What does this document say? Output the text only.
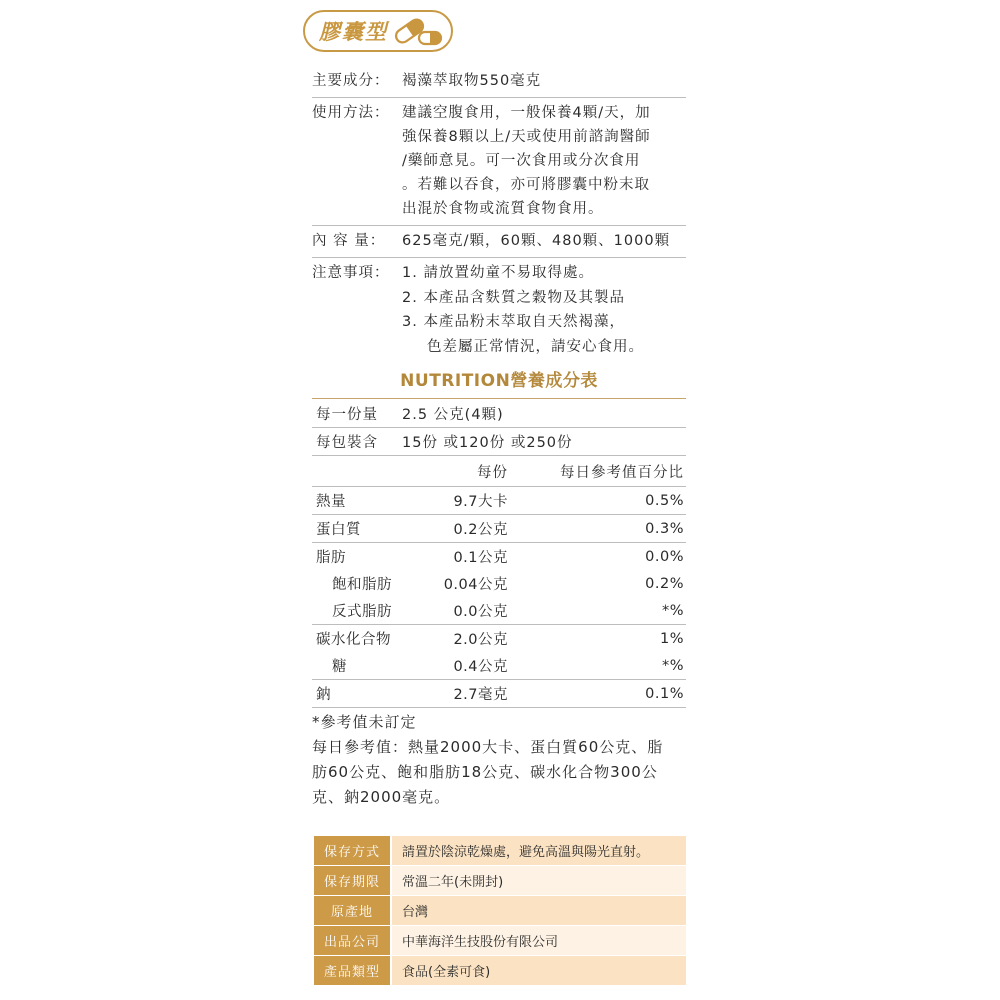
膠囊型
主要成分： 褐藻萃取物550毫克
使用方法： 建議空腹食用，一般保養4顆/天，加
強保養8顆以上/天或使用前諮詢醫師
/藥師意見。可一次食用或分次食用
。若難以吞食，亦可將膠囊中粉末取
出混於食物或流質食物食用。
內 容 量：	625毫克/顆，60顆、480顆、1000顆
注意事項： 1. 請放置幼童不易取得處。
2. 本產品含麩質之穀物及其製品
3. 本產品粉末萃取自天然褐藻，
色差屬正常情況，請安心食用。
NUTRITION營養成分表
每一份量	2.5 公克(4顆)
每包裝含	15份 或120份 或250份
每份	每日參考值百分比
熱量	9.7大卡	0.5%
蛋白質	0.2公克	0.3%
脂肪	0.1公克	0.0%
飽和脂肪	0.04公克	0.2%
反式脂肪	0.0公克	*%
碳水化合物	2.0公克	1%
糖	0.4公克	*%
鈉	2.7毫克	0.1%
*參考值未訂定
每日參考值：熱量2000大卡、蛋白質60公克、脂
肪60公克、飽和脂肪18公克、碳水化合物300公
克、鈉2000毫克。
保存方式	請置於陰涼乾燥處，避免高溫與陽光直射。
保存期限	常溫二年(未開封)
原產地	台灣
出品公司	中華海洋生技股份有限公司
產品類型	食品(全素可食)
